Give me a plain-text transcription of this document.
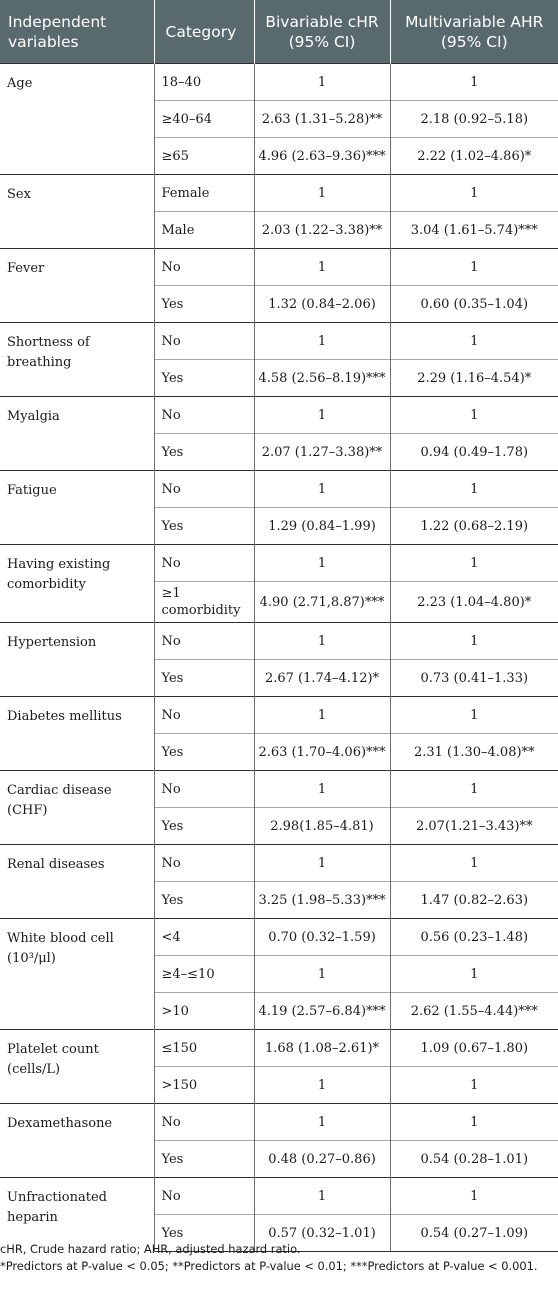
Independent variables	Category	Bivariable cHR (95% CI)	Multivariable AHR (95% CI)
Age	18–40	1	1
	≥40–64	2.63 (1.31–5.28)**	2.18 (0.92–5.18)
	≥65	4.96 (2.63–9.36)***	2.22 (1.02–4.86)*
Sex	Female	1	1
	Male	2.03 (1.22–3.38)**	3.04 (1.61–5.74)***
Fever	No	1	1
	Yes	1.32 (0.84–2.06)	0.60 (0.35–1.04)
Shortness of breathing	No	1	1
	Yes	4.58 (2.56–8.19)***	2.29 (1.16–4.54)*
Myalgia	No	1	1
	Yes	2.07 (1.27–3.38)**	0.94 (0.49–1.78)
Fatigue	No	1	1
	Yes	1.29 (0.84–1.99)	1.22 (0.68–2.19)
Having existing comorbidity	No	1	1
	≥1 comorbidity	4.90 (2.71,8.87)***	2.23 (1.04–4.80)*
Hypertension	No	1	1
	Yes	2.67 (1.74–4.12)*	0.73 (0.41–1.33)
Diabetes mellitus	No	1	1
	Yes	2.63 (1.70–4.06)***	2.31 (1.30–4.08)**
Cardiac disease (CHF)	No	1	1
	Yes	2.98(1.85–4.81)	2.07(1.21–3.43)**
Renal diseases	No	1	1
	Yes	3.25 (1.98–5.33)***	1.47 (0.82–2.63)
White blood cell (10³/μl)	<4	0.70 (0.32–1.59)	0.56 (0.23–1.48)
	≥4–≤10	1	1
	>10	4.19 (2.57–6.84)***	2.62 (1.55–4.44)***
Platelet count (cells/L)	≤150	1.68 (1.08–2.61)*	1.09 (0.67–1.80)
	>150	1	1
Dexamethasone	No	1	1
	Yes	0.48 (0.27–0.86)	0.54 (0.28–1.01)
Unfractionated heparin	No	1	1
	Yes	0.57 (0.32–1.01)	0.54 (0.27–1.09)

cHR, Crude hazard ratio; AHR, adjusted hazard ratio.

*Predictors at P-value < 0.05; **Predictors at P-value < 0.01; ***Predictors at P-value < 0.001.
